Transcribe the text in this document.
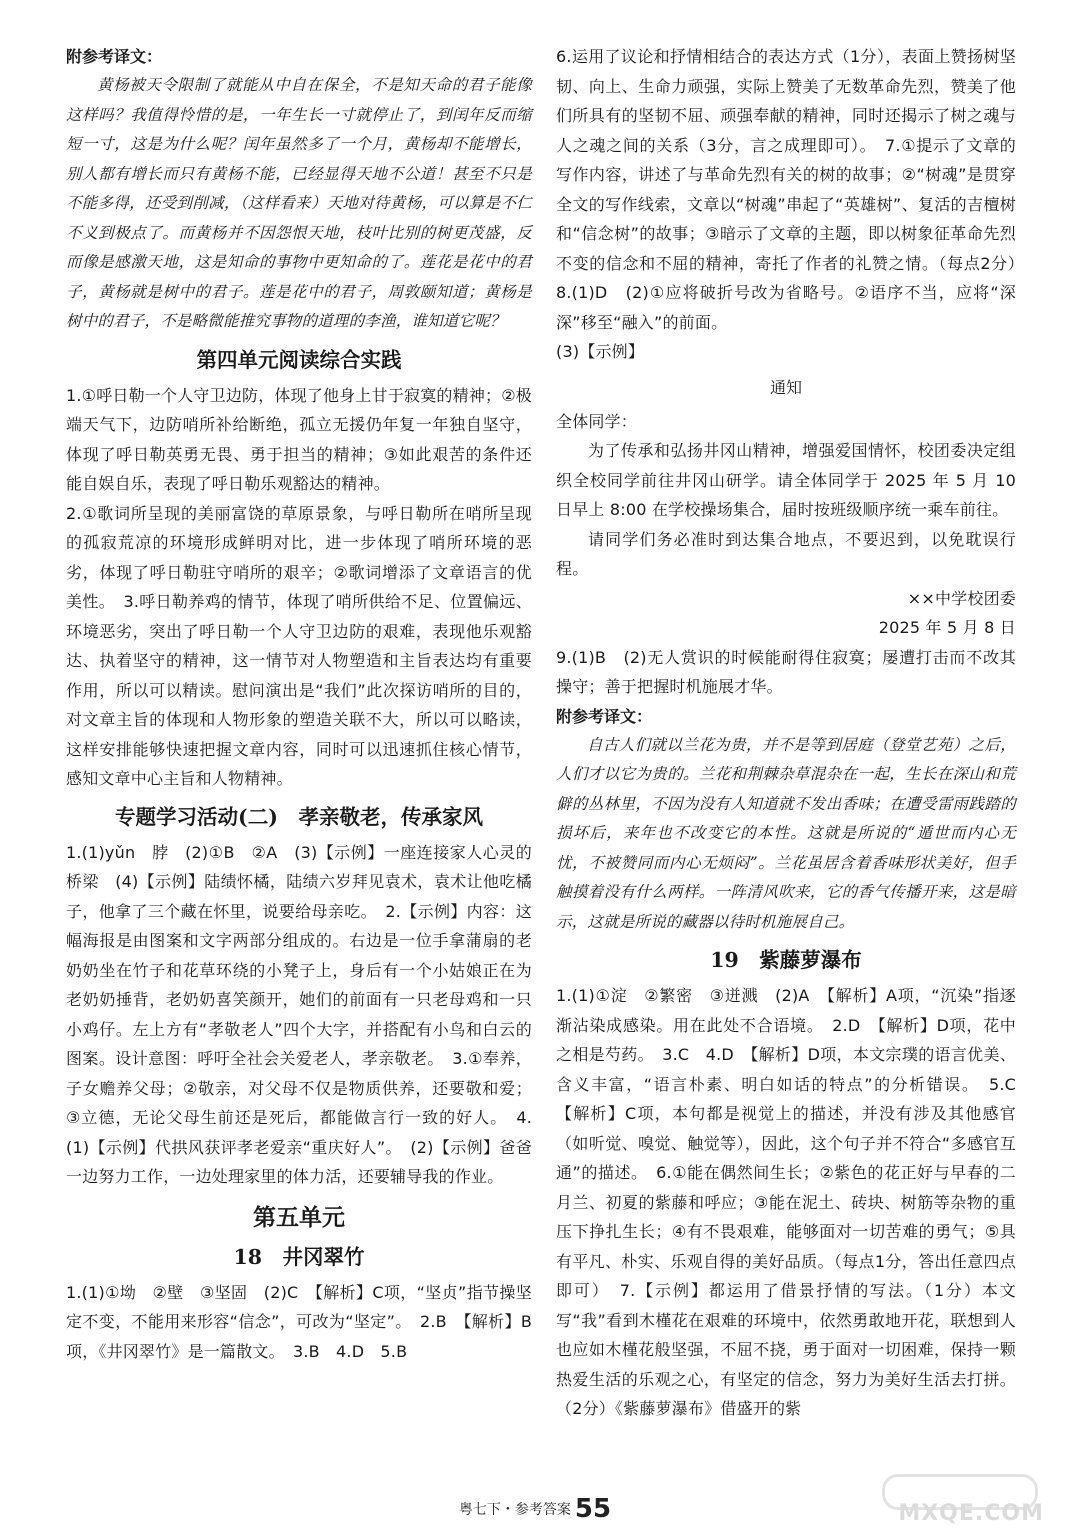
附参考译文：

黄杨被天令限制了就能从中自在保全，不是知天命的君子能像这样吗？我值得怜惜的是，一年生长一寸就停止了，到闰年反而缩短一寸，这是为什么呢？闰年虽然多了一个月，黄杨却不能增长，别人都有增长而只有黄杨不能，已经显得天地不公道！甚至不只是不能多得，还受到削减，（这样看来）天地对待黄杨，可以算是不仁不义到极点了。而黄杨并不因怨恨天地，枝叶比别的树更茂盛，反而像是感激天地，这是知命的事物中更知命的了。莲花是花中的君子，黄杨就是树中的君子。莲是花中的君子，周敦颐知道；黄杨是树中的君子，不是略微能推究事物的道理的李渔，谁知道它呢？

第四单元阅读综合实践

1.①呼日勒一个人守卫边防，体现了他身上甘于寂寞的精神；②极端天气下，边防哨所补给断绝，孤立无援仍年复一年独自坚守，体现了呼日勒英勇无畏、勇于担当的精神；③如此艰苦的条件还能自娱自乐，表现了呼日勒乐观豁达的精神。

2.①歌词所呈现的美丽富饶的草原景象，与呼日勒所在哨所呈现的孤寂荒凉的环境形成鲜明对比，进一步体现了哨所环境的恶劣，体现了呼日勒驻守哨所的艰辛；②歌词增添了文章语言的优美性。　3.呼日勒养鸡的情节，体现了哨所供给不足、位置偏远、环境恶劣，突出了呼日勒一个人守卫边防的艰难，表现他乐观豁达、执着坚守的精神，这一情节对人物塑造和主旨表达均有重要作用，所以可以精读。慰问演出是“我们”此次探访哨所的目的，对文章主旨的体现和人物形象的塑造关联不大，所以可以略读，这样安排能够快速把握文章内容，同时可以迅速抓住核心情节，感知文章中心主旨和人物精神。

专题学习活动(二)　孝亲敬老，传承家风

1.(1)yǔn　脖　(2)①B　②A　(3)【示例】一座连接家人心灵的桥梁　(4)【示例】陆绩怀橘，陆绩六岁拜见袁术，袁术让他吃橘子，他拿了三个藏在怀里，说要给母亲吃。　2.【示例】内容：这幅海报是由图案和文字两部分组成的。右边是一位手拿蒲扇的老奶奶坐在竹子和花草环绕的小凳子上，身后有一个小姑娘正在为老奶奶捶背，老奶奶喜笑颜开，她们的前面有一只老母鸡和一只小鸡仔。左上方有“孝敬老人”四个大字，并搭配有小鸟和白云的图案。设计意图：呼吁全社会关爱老人，孝亲敬老。　3.①奉养，子女赡养父母；②敬亲，对父母不仅是物质供养，还要敬和爱；③立德，无论父母生前还是死后，都能做言行一致的好人。　4.(1)【示例】代拱风获评孝老爱亲“重庆好人”。　(2)【示例】爸爸一边努力工作，一边处理家里的体力活，还要辅导我的作业。

第五单元
18　井冈翠竹

1.(1)①坳　②壁　③坚固　(2)C　【解析】C项，“坚贞”指节操坚定不变，不能用来形容“信念”，可改为“坚定”。　2.B　【解析】B项，《井冈翠竹》是一篇散文。　3.B　4.D　5.B

6.运用了议论和抒情相结合的表达方式（1分），表面上赞扬树坚韧、向上、生命力顽强，实际上赞美了无数革命先烈，赞美了他们所具有的坚韧不屈、顽强奉献的精神，同时还揭示了树之魂与人之魂之间的关系（3分，言之成理即可）。　7.①提示了文章的写作内容，讲述了与革命先烈有关的树的故事；②“树魂”是贯穿全文的写作线索，文章以“树魂”串起了“英雄树”、复活的吉檀树和“信念树”的故事；③暗示了文章的主题，即以树象征革命先烈不变的信念和不屈的精神，寄托了作者的礼赞之情。（每点2分）　8.(1)D　(2)①应将破折号改为省略号。②语序不当，应将“深深”移至“融入”的前面。

(3)【示例】

通知

全体同学：

为了传承和弘扬井冈山精神，增强爱国情怀，校团委决定组织全校同学前往井冈山研学。请全体同学于 2025 年 5 月 10 日早上 8:00 在学校操场集合，届时按班级顺序统一乘车前往。

请同学们务必准时到达集合地点，不要迟到，以免耽误行程。

××中学校团委

2025 年 5 月 8 日

9.(1)B　(2)无人赏识的时候能耐得住寂寞；屡遭打击而不改其操守；善于把握时机施展才华。

附参考译文：

自古人们就以兰花为贵，并不是等到居庭（登堂艺苑）之后，人们才以它为贵的。兰花和荆棘杂草混杂在一起，生长在深山和荒僻的丛林里，不因为没有人知道就不发出香味；在遭受雷雨践踏的损坏后，来年也不改变它的本性。这就是所说的“遁世而内心无忧，不被赞同而内心无烦闷”。兰花虽居含着香味形状美好，但手触摸着没有什么两样。一阵清风吹来，它的香气传播开来，这是暗示，这就是所说的藏器以待时机施展自己。

19　紫藤萝瀑布

1.(1)①淀　②繁密　③迸溅　(2)A　【解析】A项，“沉染”指逐渐沾染成感染。用在此处不合语境。　2.D　【解析】D项，花中之相是芍药。　3.C　4.D　【解析】D项，本文宗璞的语言优美、含义丰富，“语言朴素、明白如话的特点”的分析错误。　5.C　【解析】C项，本句都是视觉上的描述，并没有涉及其他感官（如听觉、嗅觉、触觉等），因此，这个句子并不符合“多感官互通”的描述。　6.①能在偶然间生长；②紫色的花正好与早春的二月兰、初夏的紫藤和呼应；③能在泥土、砖块、树筋等杂物的重压下挣扎生长；④有不畏艰难，能够面对一切苦难的勇气；⑤具有平凡、朴实、乐观自得的美好品质。（每点1分，答出任意四点即可）　7.【示例】都运用了借景抒情的写法。（1分）本文写“我”看到木槿花在艰难的环境中，依然勇敢地开花，联想到人也应如木槿花般坚强，不屈不挠，勇于面对一切困难，保持一颗热爱生活的乐观之心，有坚定的信念，努力为美好生活去打拼。（2分）《紫藤萝瀑布》借盛开的紫

粤七下・参考答案 55	MXQE.COM
